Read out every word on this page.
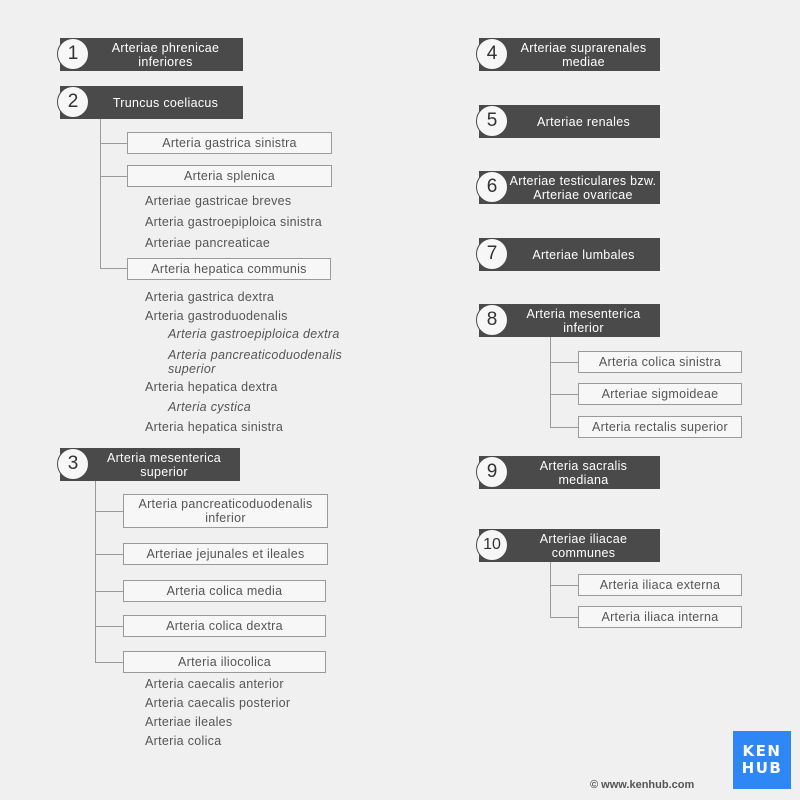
Arteriae phrenicae inferiores
1
Truncus coeliacus
2
Arteria gastrica sinistra
Arteria splenica
Arteriae gastricae breves
Arteria gastroepiploica sinistra
Arteriae pancreaticae
Arteria hepatica communis
Arteria gastrica dextra
Arteria gastroduodenalis
Arteria gastroepiploica dextra
Arteria pancreaticoduodenalis superior
Arteria hepatica dextra
Arteria cystica
Arteria hepatica sinistra
Arteria mesenterica superior
3
Arteria pancreaticoduodenalis inferior
Arteriae jejunales et ileales
Arteria colica media
Arteria colica dextra
Arteria iliocolica
Arteria caecalis anterior
Arteria caecalis posterior
Arteriae ileales
Arteria colica
Arteriae suprarenales mediae
4
Arteriae renales
5
Arteriae testiculares bzw. Arteriae ovaricae
6
Arteriae lumbales
7
Arteria mesenterica inferior
8
Arteria colica sinistra
Arteriae sigmoideae
Arteria rectalis superior
Arteria sacralis mediana
9
Arteriae iliacae communes
10
Arteria iliaca externa
Arteria iliaca interna
© www.kenhub.com
KEN
HUB
